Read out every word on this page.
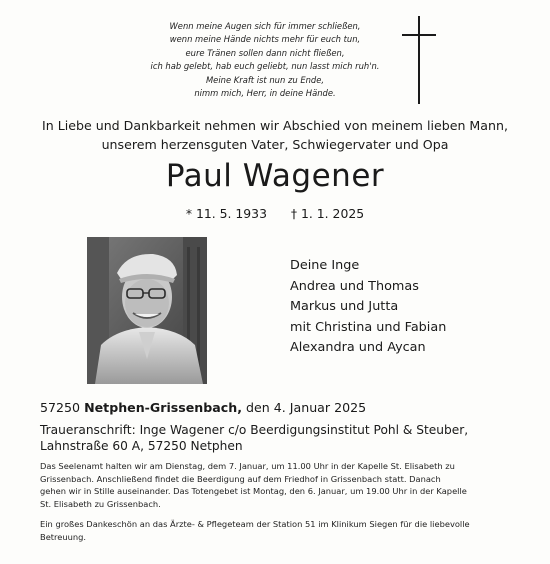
Wenn meine Augen sich für immer schließen,
wenn meine Hände nichts mehr für euch tun,
eure Tränen sollen dann nicht fließen,
ich hab gelebt, hab euch geliebt, nun lasst mich ruh'n.
Meine Kraft ist nun zu Ende,
nimm mich, Herr, in deine Hände.
In Liebe und Dankbarkeit nehmen wir Abschied von meinem lieben Mann,
unserem herzensguten Vater, Schwiegervater und Opa
Paul Wagener
* 11. 5. 1933 † 1. 1. 2025
Deine Inge
Andrea und Thomas
Markus und Jutta
mit Christina und Fabian
Alexandra und Aycan
57250 Netphen-Grissenbach, den 4. Januar 2025
Traueranschrift: Inge Wagener c/o Beerdigungsinstitut Pohl & Steuber,
Lahnstraße 60 A, 57250 Netphen
Das Seelenamt halten wir am Dienstag, dem 7. Januar, um 11.00 Uhr in der Kapelle St. Elisabeth zu
Grissenbach. Anschließend findet die Beerdigung auf dem Friedhof in Grissenbach statt. Danach
gehen wir in Stille auseinander. Das Totengebet ist Montag, den 6. Januar, um 19.00 Uhr in der Kapelle
St. Elisabeth zu Grissenbach.
Ein großes Dankeschön an das Ärzte- & Pflegeteam der Station 51 im Klinikum Siegen für die liebevolle
Betreuung.
